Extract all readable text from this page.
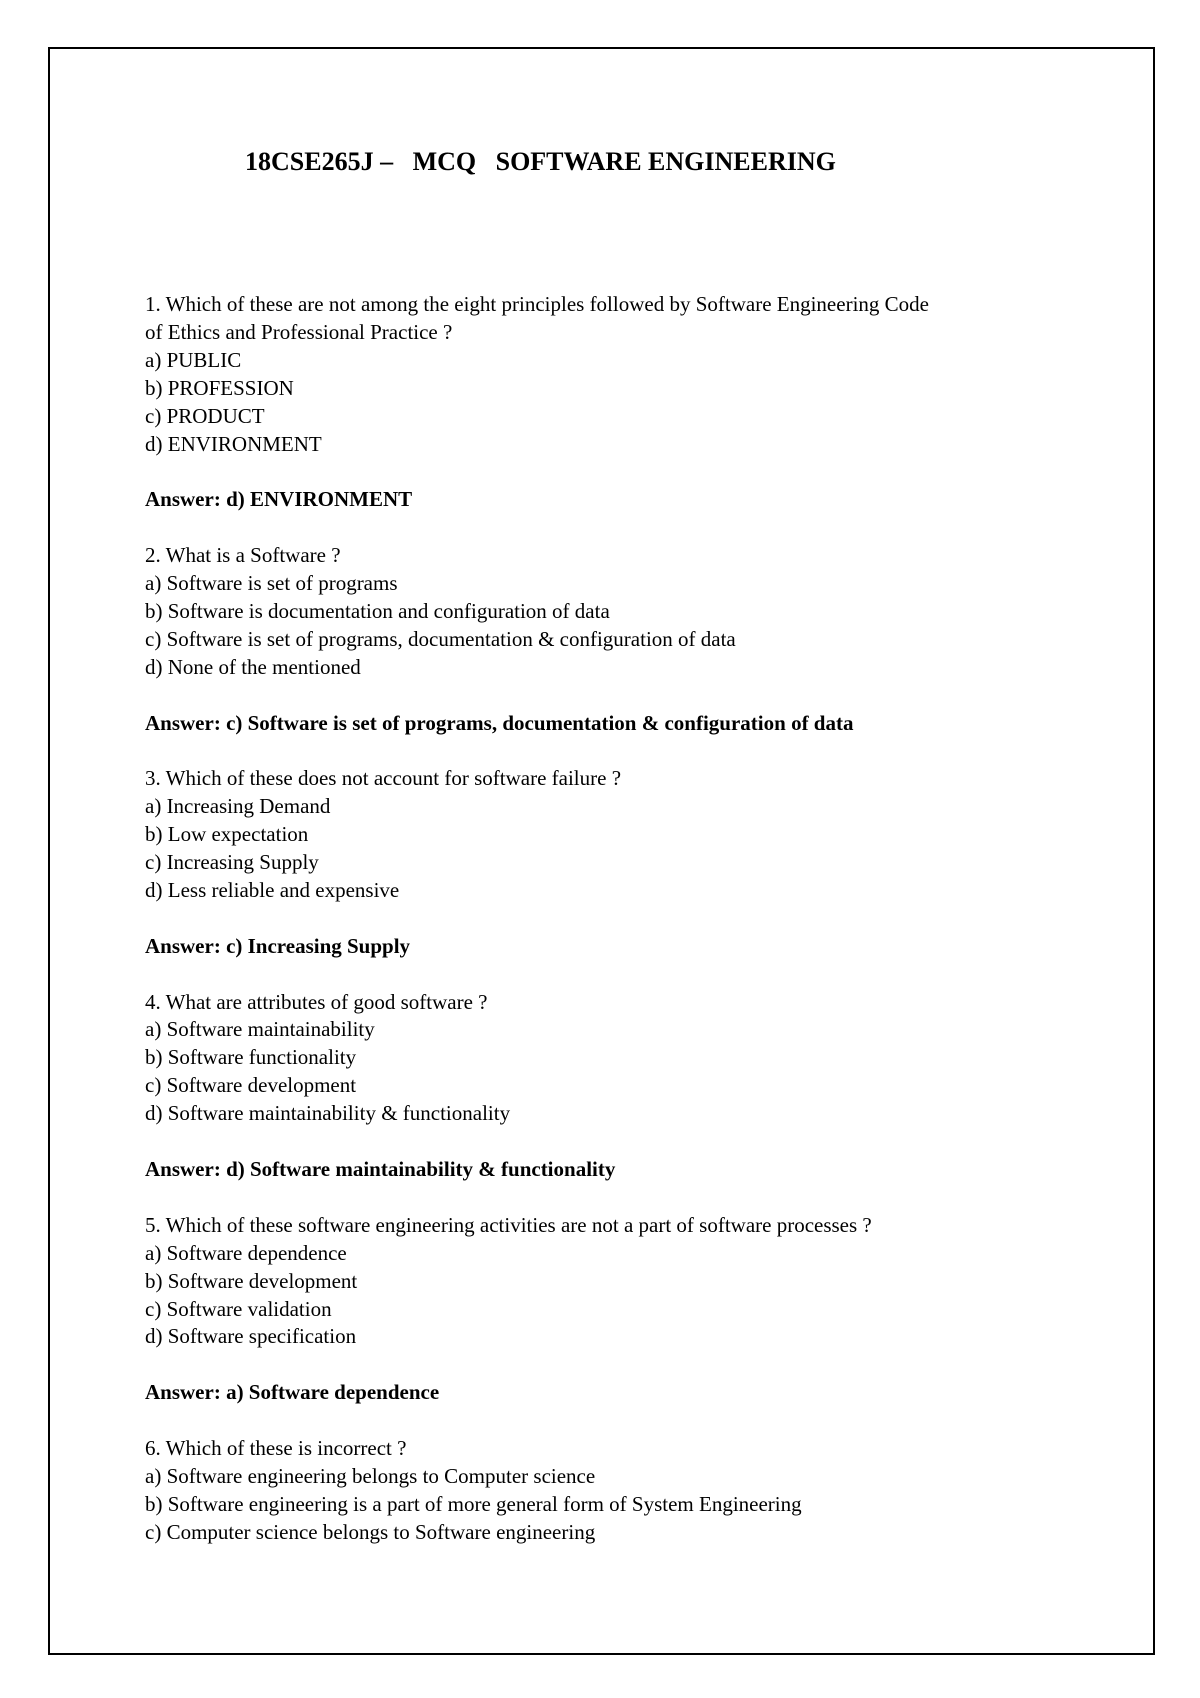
18CSE265J –   MCQ   SOFTWARE ENGINEERING
1. Which of these are not among the eight principles followed by Software Engineering Code
of Ethics and Professional Practice ?
a) PUBLIC
b) PROFESSION
c) PRODUCT
d) ENVIRONMENT
Answer: d) ENVIRONMENT
2. What is a Software ?
a) Software is set of programs
b) Software is documentation and configuration of data
c) Software is set of programs, documentation & configuration of data
d) None of the mentioned
Answer: c) Software is set of programs, documentation & configuration of data
3. Which of these does not account for software failure ?
a) Increasing Demand
b) Low expectation
c) Increasing Supply
d) Less reliable and expensive
Answer: c) Increasing Supply
4. What are attributes of good software ?
a) Software maintainability
b) Software functionality
c) Software development
d) Software maintainability & functionality
Answer: d) Software maintainability & functionality
5. Which of these software engineering activities are not a part of software processes ?
a) Software dependence
b) Software development
c) Software validation
d) Software specification
Answer: a) Software dependence
6. Which of these is incorrect ?
a) Software engineering belongs to Computer science
b) Software engineering is a part of more general form of System Engineering
c) Computer science belongs to Software engineering
